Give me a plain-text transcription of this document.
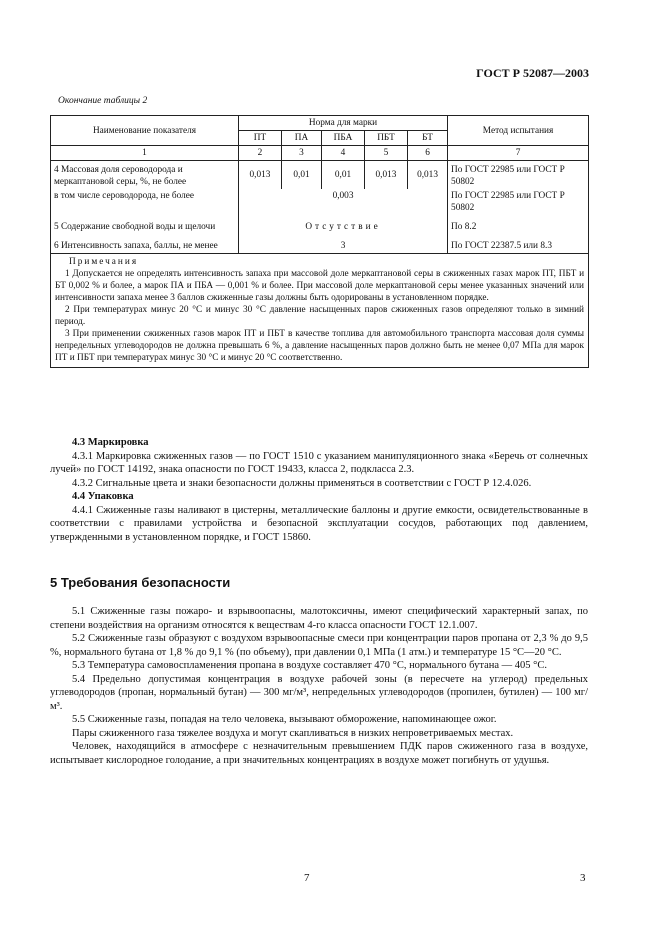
ГОСТ Р 52087—2003
Окончание таблицы 2
Наименование показателя	Норма для марки					Метод испытания
	ПТ	ПА	ПБА	ПБТ	БТ	
1	2	3	4	5	6	7
4 Массовая доля сероводорода и меркаптановой серы, %, не более	0,013	0,01	0,01	0,013	0,013	По ГОСТ 22985 или ГОСТ Р 50802
в том числе сероводорода, не более	0,003					По ГОСТ 22985 или ГОСТ Р 50802
5 Содержание свободной воды и щелочи	Отсутствие					По 8.2
6 Интенсивность запаха, баллы, не менее	3					По ГОСТ 22387.5 или 8.3

Примечания

1 Допускается не определять интенсивность запаха при массовой доле меркаптановой серы в сжиженных газах марок ПТ, ПБТ и БТ 0,002 % и более, а марок ПА и ПБА — 0,001 % и более. При массовой доле меркаптановой серы менее указанных значений или интенсивности запаха менее 3 баллов сжиженные газы должны быть одорированы в установленном порядке.

2 При температурах минус 20 °С и минус 30 °С давление насыщенных паров сжиженных газов определяют только в зимний период.

3 При применении сжиженных газов марок ПТ и ПБТ в качестве топлива для автомобильного транспорта массовая доля суммы непредельных углеводородов не должна превышать 6 %, а давление насыщенных паров должно быть не менее 0,07 МПа для марок ПТ и ПБТ при температурах минус 30 °С и минус 20 °С соответственно.						

4.3 Маркировка

4.3.1 Маркировка сжиженных газов — по ГОСТ 1510 с указанием манипуляционного знака «Беречь от солнечных лучей» по ГОСТ 14192, знака опасности по ГОСТ 19433, класса 2, подкласса 2.3.

4.3.2 Сигнальные цвета и знаки безопасности должны применяться в соответствии с ГОСТ Р 12.4.026.

4.4 Упаковка

4.4.1 Сжиженные газы наливают в цистерны, металлические баллоны и другие емкости, освидетельствованные в соответствии с правилами устройства и безопасной эксплуатации сосудов, работающих под давлением, утвержденными в установленном порядке, и ГОСТ 15860.

5 Требования безопасности

5.1 Сжиженные газы пожаро- и взрывоопасны, малотоксичны, имеют специфический характерный запах, по степени воздействия на организм относятся к веществам 4-го класса опасности ГОСТ 12.1.007.

5.2 Сжиженные газы образуют с воздухом взрывоопасные смеси при концентрации паров пропана от 2,3 % до 9,5 %, нормального бутана от 1,8 % до 9,1 % (по объему), при давлении 0,1 МПа (1 атм.) и температуре 15 °С—20 °С.

5.3 Температура самовоспламенения пропана в воздухе составляет 470 °С, нормального бутана — 405 °С.

5.4 Предельно допустимая концентрация в воздухе рабочей зоны (в пересчете на углерод) предельных углеводородов (пропан, нормальный бутан) — 300 мг/м³, непредельных углеводородов (пропилен, бутилен) — 100 мг/м³.

5.5 Сжиженные газы, попадая на тело человека, вызывают обморожение, напоминающее ожог.

Пары сжиженного газа тяжелее воздуха и могут скапливаться в низких непроветриваемых местах.

Человек, находящийся в атмосфере с незначительным превышением ПДК паров сжиженного газа в воздухе, испытывает кислородное голодание, а при значительных концентрациях в воздухе может погибнуть от удушья.

7	3
